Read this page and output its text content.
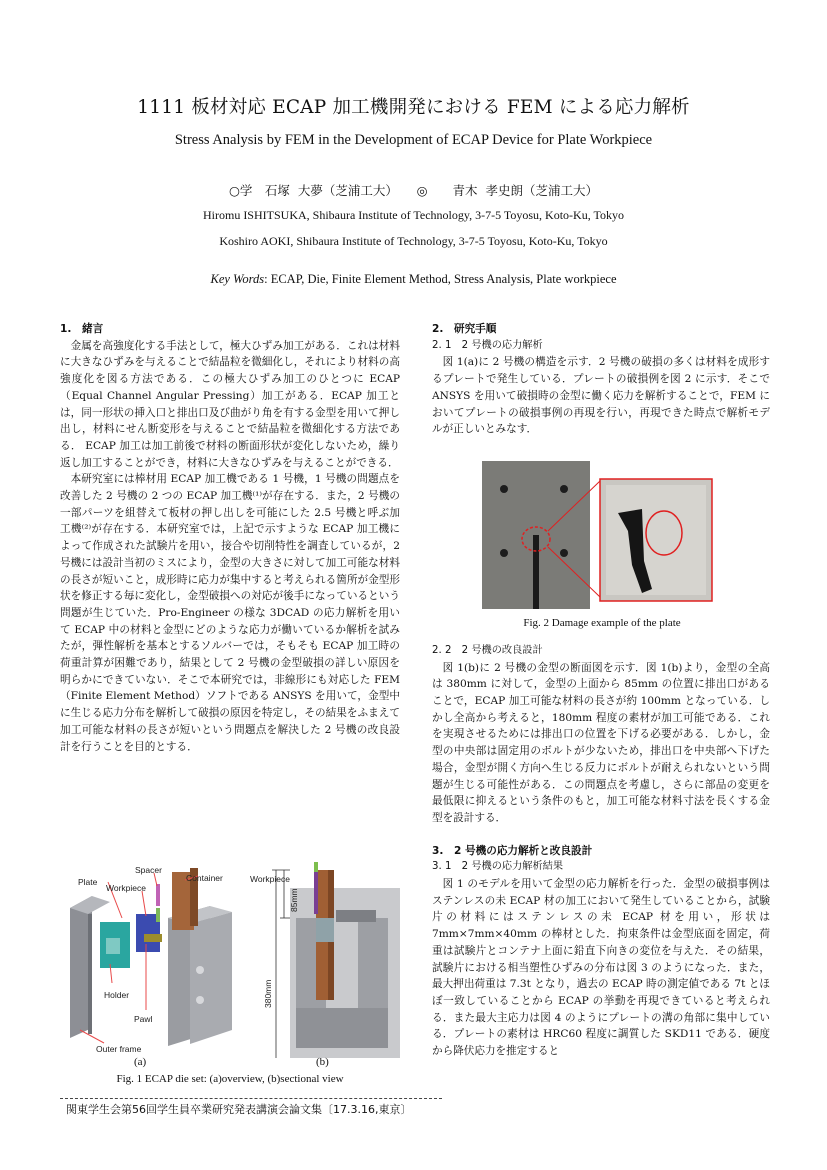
1111 板材対応 ECAP 加工機開発における FEM による応力解析
Stress Analysis by FEM in the Development of ECAP Device for Plate Workpiece
○学　石塚 大夢（芝浦工大）　　◎　　青木 孝史朗（芝浦工大）
Hiromu ISHITSUKA, Shibaura Institute of Technology, 3-7-5 Toyosu, Koto-Ku, Tokyo
Koshiro AOKI, Shibaura Institute of Technology, 3-7-5 Toyosu, Koto-Ku, Tokyo
Key Words: ECAP, Die, Finite Element Method, Stress Analysis, Plate workpiece
1.　緒言
金属を高強度化する手法として，極大ひずみ加工がある．これは材料に大きなひずみを与えることで結晶粒を微細化し，それにより材料の高強度化を図る方法である．この極大ひずみ加工のひとつに ECAP（Equal Channel Angular Pressing）加工がある．ECAP 加工とは，同一形状の挿入口と排出口及び曲がり角を有する金型を用いて押し出し，材料にせん断変形を与えることで結晶粒を微細化する方法である． ECAP 加工は加工前後で材料の断面形状が変化しないため，繰り返し加工することができ，材料に大きなひずみを与えることができる．
本研究室には棒材用 ECAP 加工機である 1 号機，1 号機の問題点を改善した 2 号機の 2 つの ECAP 加工機⁽¹⁾が存在する．また，2 号機の一部パーツを組替えて板材の押し出しを可能にした 2.5 号機と呼ぶ加工機⁽²⁾が存在する．本研究室では，上記で示すような ECAP 加工機によって作成された試験片を用い，接合や切削特性を調査しているが，2 号機には設計当初のミスにより，金型の大きさに対して加工可能な材料の長さが短いこと，成形時に応力が集中すると考えられる箇所が金型形状を修正する毎に変化し，金型破損への対応が後手になっているという問題が生じていた．Pro-Engineer の様な 3DCAD の応力解析を用いて ECAP 中の材料と金型にどのような応力が働いているか解析を試みたが，弾性解析を基本とするソルバーでは，そもそも ECAP 加工時の荷重計算が困難であり，結果として 2 号機の金型破損の詳しい原因を明らかにできていない．そこで本研究では，非線形にも対応した FEM（Finite Element Method）ソフトである ANSYS を用いて，金型中に生じる応力分布を解析して破損の原因を特定し，その結果をふまえて加工可能な材料の長さが短いという問題点を解決した 2 号機の改良設計を行うことを目的とする．
Plate
Workpiece
Spacer
Container
Holder
Pawl
Outer frame
Workpiece
85mm
380mm
(a)	(b)
Fig. 1 ECAP die set: (a)overview, (b)sectional view
2.　研究手順
2. 1　2 号機の応力解析
図 1(a)に 2 号機の構造を示す．2 号機の破損の多くは材料を成形するプレートで発生している．プレートの破損例を図 2 に示す．そこで ANSYS を用いて破損時の金型に働く応力を解析することで，FEM においてプレートの破損事例の再現を行い，再現できた時点で解析モデルが正しいとみなす．
2. 2　2 号機の改良設計
図 1(b)に 2 号機の金型の断面図を示す．図 1(b)より，金型の全高は 380mm に対して，金型の上面から 85mm の位置に排出口があることで，ECAP 加工可能な材料の長さが約 100mm となっている．しかし全高から考えると，180mm 程度の素材が加工可能である．これを実現させるためには排出口の位置を下げる必要がある．しかし，金型の中央部は固定用のボルトが少ないため，排出口を中央部へ下げた場合，金型が開く方向へ生じる反力にボルトが耐えられないという問題が生じる可能性がある．この問題点を考慮し，さらに部品の変更を最低限に抑えるという条件のもと，加工可能な材料寸法を長くする金型を設計する．
3.　2 号機の応力解析と改良設計
3. 1　2 号機の応力解析結果
図 1 のモデルを用いて金型の応力解析を行った．金型の破損事例はステンレスの未 ECAP 材の加工において発生していることから，試験片の材料にはステンレスの未 ECAP 材を用い，形状は 7mm×7mm×40mm の棒材とした．拘束条件は金型底面を固定，荷重は試験片とコンテナ上面に鉛直下向きの変位を与えた．その結果，試験片における相当塑性ひずみの分布は図 3 のようになった．また，最大押出荷重は 7.3t となり，過去の ECAP 時の測定値である 7t とほぼ一致していることから ECAP の挙動を再現できていると考えられる．また最大主応力は図 4 のようにプレートの溝の角部に集中している．プレートの素材は HRC60 程度に調質した SKD11 である．硬度から降伏応力を推定すると
Fig. 2 Damage example of the plate
関東学生会第56回学生員卒業研究発表講演会論文集〔17.3.16,東京〕
